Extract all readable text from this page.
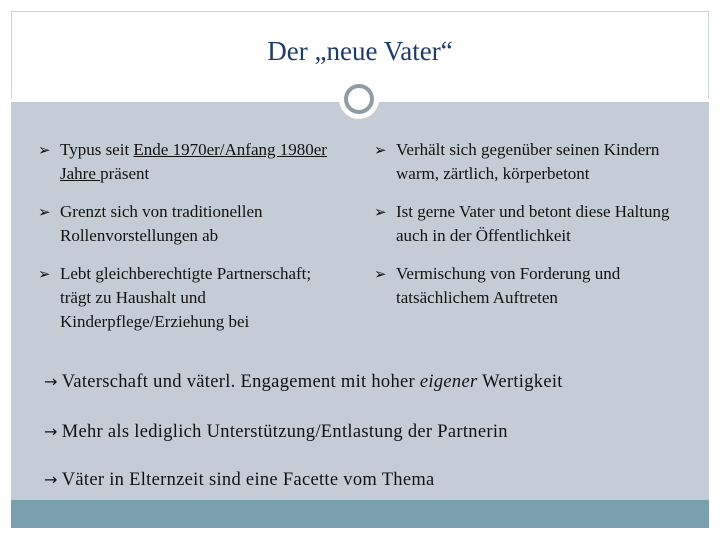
Der „neue Vater“
➢ Typus seit Ende 1970er/Anfang 1980er Jahre präsent
➢ Grenzt sich von traditionellen Rollenvorstellungen ab
➢ Lebt gleichberechtigte Partnerschaft; trägt zu Haushalt und Kinderpflege/Erziehung bei
➢ Verhält sich gegenüber seinen Kindern warm, zärtlich, körperbetont
➢ Ist gerne Vater und betont diese Haltung auch in der Öffentlichkeit
➢ Vermischung von Forderung und tatsächlichem Auftreten
→ Vaterschaft und väterl. Engagement mit hoher eigener Wertigkeit
→ Mehr als lediglich Unterstützung/Entlastung der Partnerin
→ Väter in Elternzeit sind eine Facette vom Thema
